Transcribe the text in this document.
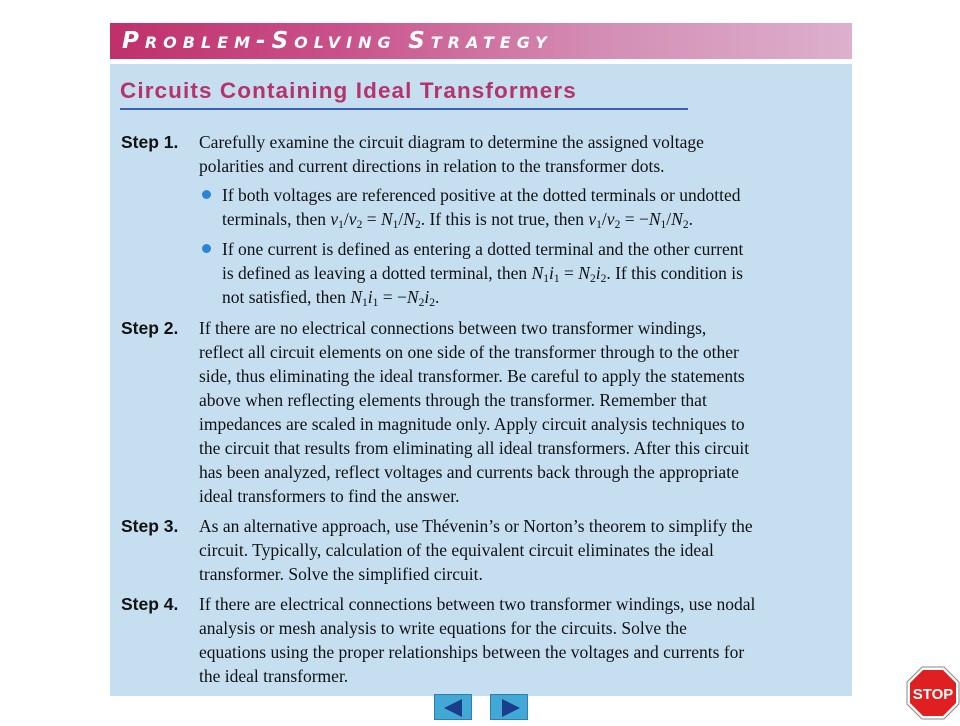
PROBLEM-SOLVING STRATEGY
Circuits Containing Ideal Transformers
Step 1. Carefully examine the circuit diagram to determine the assigned voltage
polarities and current directions in relation to the transformer dots.
If both voltages are referenced positive at the dotted terminals or undotted
terminals, then $v_1/v_2 = N_1/N_2$. If this is not true, then $v_1/v_2 = -N_1/N_2$.
If one current is defined as entering a dotted terminal and the other current
is defined as leaving a dotted terminal, then $N_1i_1 = N_2i_2$. If this condition is
not satisfied, then $N_1i_1 = -N_2i_2$.
Step 2. If there are no electrical connections between two transformer windings,
reflect all circuit elements on one side of the transformer through to the other
side, thus eliminating the ideal transformer. Be careful to apply the statements
above when reflecting elements through the transformer. Remember that
impedances are scaled in magnitude only. Apply circuit analysis techniques to
the circuit that results from eliminating all ideal transformers. After this circuit
has been analyzed, reflect voltages and currents back through the appropriate
ideal transformers to find the answer.
Step 3. As an alternative approach, use Thévenin’s or Norton’s theorem to simplify the
circuit. Typically, calculation of the equivalent circuit eliminates the ideal
transformer. Solve the simplified circuit.
Step 4. If there are electrical connections between two transformer windings, use nodal
analysis or mesh analysis to write equations for the circuits. Solve the
equations using the proper relationships between the voltages and currents for
the ideal transformer.
STOP
